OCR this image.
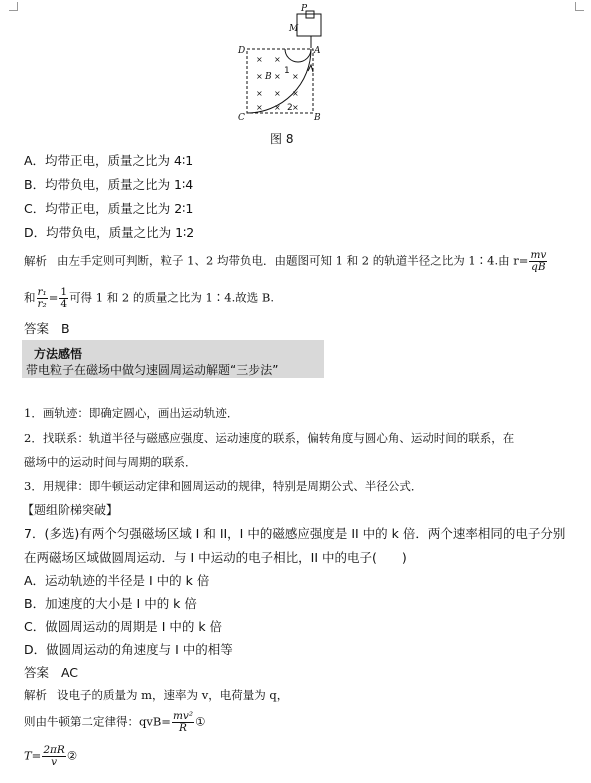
× ×
× × ×
× × ×
× × ×
P
M
D	A
C	B
B
1
2
图 8
A．均带正电，质量之比为 4∶1
B．均带负电，质量之比为 1∶4
C．均带正电，质量之比为 2∶1
D．均带负电，质量之比为 1∶2
解析 由左手定则可判断，粒子 1、2 均带负电．由题图可知 1 和 2 的轨道半径之比为 1∶4.由 $r= \frac{mv}{qB}$
和 $\frac{\text{r₁}}{\text{r₂}} = \frac{1}{4}$ 可得 1 和 2 的质量之比为 1∶4.故选 B.
答案 B
方法感悟
带电粒子在磁场中做匀速圆周运动解题“三步法”
1．画轨迹：即确定圆心，画出运动轨迹．
2．找联系：轨道半径与磁感应强度、运动速度的联系，偏转角度与圆心角、运动时间的联系，在
磁场中的运动时间与周期的联系．
3．用规律：即牛顿运动定律和圆周运动的规律，特别是周期公式、半径公式．
【题组阶梯突破】
7．(多选)有两个匀强磁场区域 I 和 II，I 中的磁感应强度是 II 中的 k 倍．两个速率相同的电子分别
在两磁场区域做圆周运动．与 I 中运动的电子相比，II 中的电子(　　)
A．运动轨迹的半径是 I 中的 k 倍
B．加速度的大小是 I 中的 k 倍
C．做圆周运动的周期是 I 中的 k 倍
D．做圆周运动的角速度与 I 中的相等
答案 AC
解析 设电子的质量为 m，速率为 v，电荷量为 q，
则由牛顿第二定律得：$qvB= \frac{\text{mv²}}{R}$ ①
$T= \frac{2\pi R}{v}$ ②
